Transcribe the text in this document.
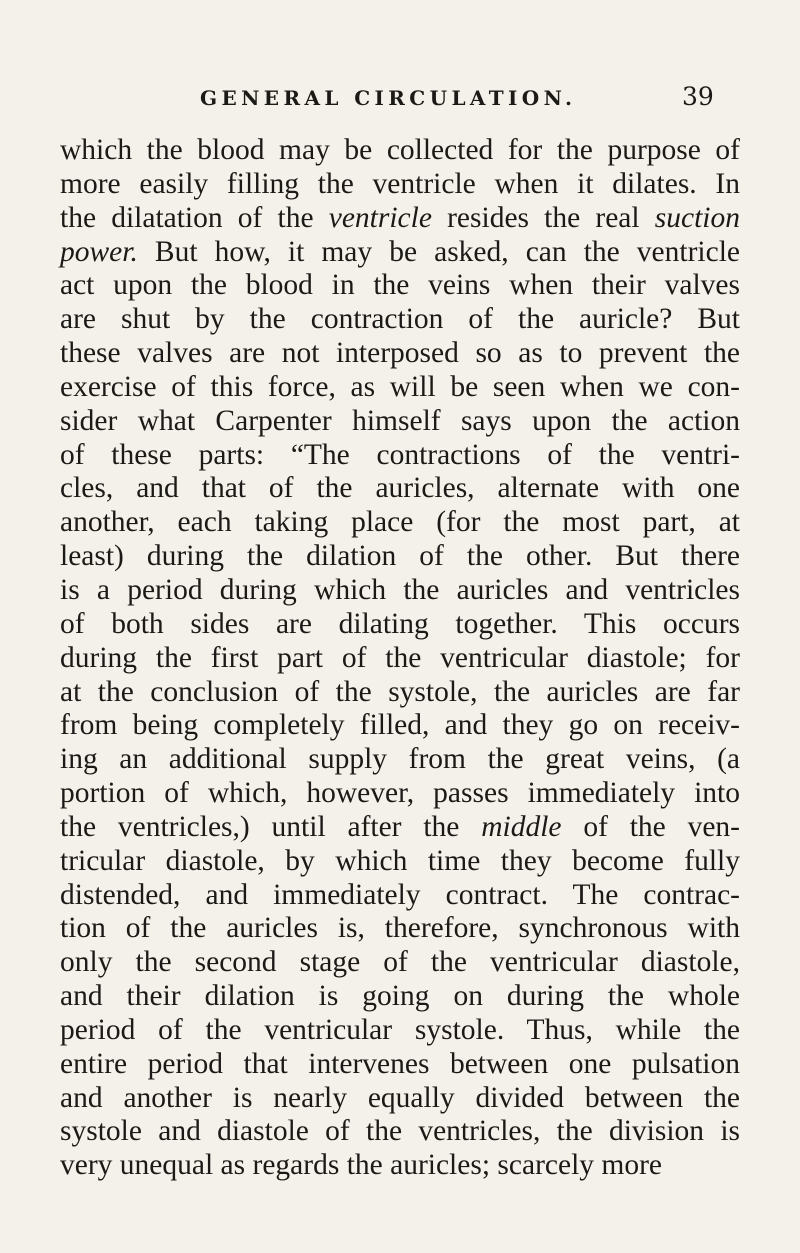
GENERAL CIRCULATION.	39
which the blood may be collected for the purpose of
more easily filling the ventricle when it dilates. In
the dilatation of the ventricle resides the real suction
power. But how, it may be asked, can the ventricle
act upon the blood in the veins when their valves
are shut by the contraction of the auricle? But
these valves are not interposed so as to prevent the
exercise of this force, as will be seen when we con-
sider what Carpenter himself says upon the action
of these parts: “The contractions of the ventri-
cles, and that of the auricles, alternate with one
another, each taking place (for the most part, at
least) during the dilation of the other. But there
is a period during which the auricles and ventricles
of both sides are dilating together. This occurs
during the first part of the ventricular diastole; for
at the conclusion of the systole, the auricles are far
from being completely filled, and they go on receiv-
ing an additional supply from the great veins, (a
portion of which, however, passes immediately into
the ventricles,) until after the middle of the ven-
tricular diastole, by which time they become fully
distended, and immediately contract. The contrac-
tion of the auricles is, therefore, synchronous with
only the second stage of the ventricular diastole,
and their dilation is going on during the whole
period of the ventricular systole. Thus, while the
entire period that intervenes between one pulsation
and another is nearly equally divided between the
systole and diastole of the ventricles, the division is
very unequal as regards the auricles; scarcely more
